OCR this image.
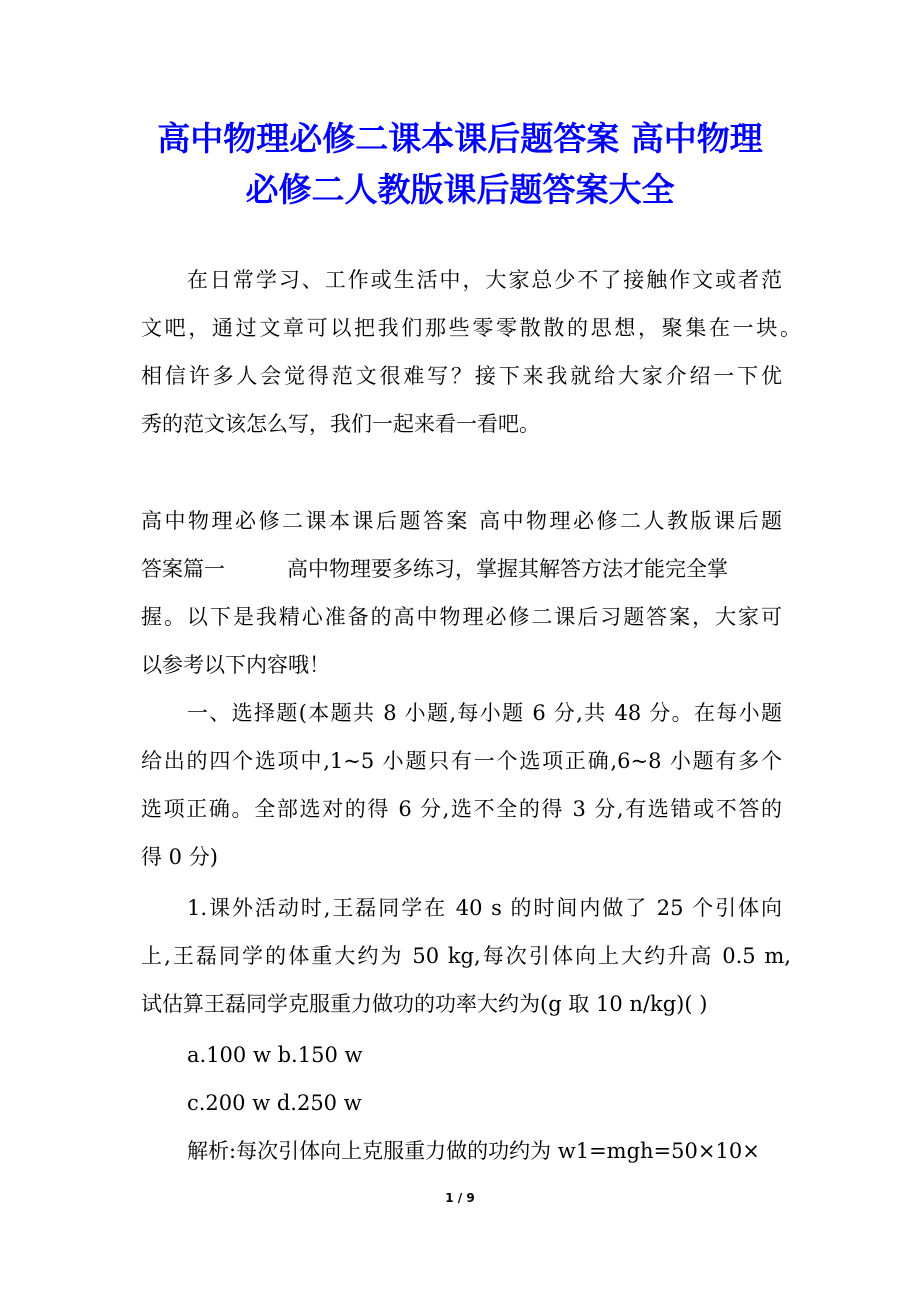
高中物理必修二课本课后题答案 高中物理
必修二人教版课后题答案大全
在日常学习、工作或生活中，大家总少不了接触作文或者范
文吧，通过文章可以把我们那些零零散散的思想，聚集在一块。
相信许多人会觉得范文很难写？接下来我就给大家介绍一下优
秀的范文该怎么写，我们一起来看一看吧。
高中物理必修二课本课后题答案 高中物理必修二人教版课后题
答案篇一	高中物理要多练习，掌握其解答方法才能完全掌
握。以下是我精心准备的高中物理必修二课后习题答案，大家可
以参考以下内容哦！
一、选择题(本题共 8 小题,每小题 6 分,共 48 分。在每小题
给出的四个选项中,1~5 小题只有一个选项正确,6~8 小题有多个
选项正确。全部选对的得 6 分,选不全的得 3 分,有选错或不答的
得 0 分)
1.课外活动时,王磊同学在 40 s 的时间内做了 25 个引体向
上,王磊同学的体重大约为 50 kg,每次引体向上大约升高 0.5 m,
试估算王磊同学克服重力做功的功率大约为(g 取 10 n/kg)( )
a.100 w b.150 w
c.200 w d.250 w
解析:每次引体向上克服重力做的功约为 w1=mgh=50×10×
1 / 9
